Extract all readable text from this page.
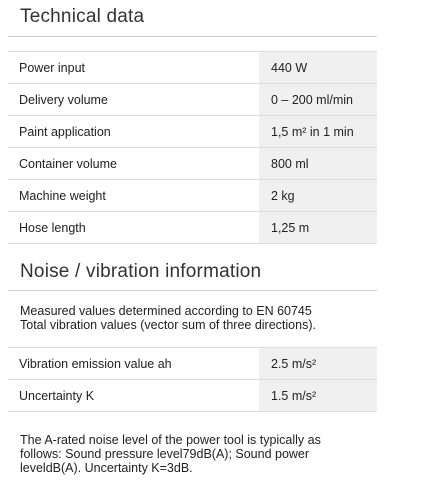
Technical data
Power input	440 W
Delivery volume	0 – 200 ml/min
Paint application	1,5 m² in 1 min
Container volume	800 ml
Machine weight	2 kg
Hose length	1,25 m
Noise / vibration information
Measured values determined according to EN 60745
Total vibration values (vector sum of three directions).
Vibration emission value ah	2.5 m/s²
Uncertainty K	1.5 m/s²
The A-rated noise level of the power tool is typically as
follows: Sound pressure level79dB(A); Sound power
leveldB(A). Uncertainty K=3dB.
